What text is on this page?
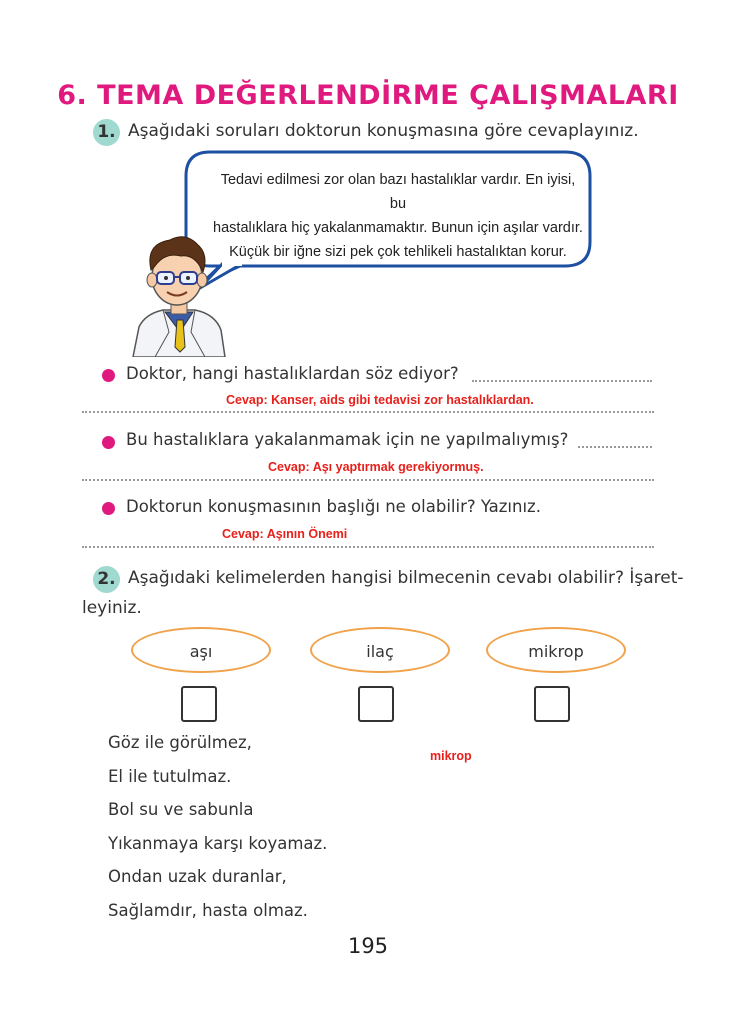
6. TEMA DEĞERLENDİRME ÇALIŞMALARI
1. Aşağıdaki soruları doktorun konuşmasına göre cevaplayınız.
Tedavi edilmesi zor olan bazı hastalıklar vardır. En iyisi, bu
hastalıklara hiç yakalanmamaktır. Bunun için aşılar vardır.
Küçük bir iğne sizi pek çok tehlikeli hastalıktan korur.
Doktor, hangi hastalıklardan söz ediyor?
Cevap: Kanser, aids gibi tedavisi zor hastalıklardan.
Bu hastalıklara yakalanmamak için ne yapılmalıymış?
Cevap: Aşı yaptırmak gerekiyormuş.
Doktorun konuşmasının başlığı ne olabilir? Yazınız.
Cevap: Aşının Önemi
2. Aşağıdaki kelimelerden hangisi bilmecenin cevabı olabilir? İşaret-
leyiniz.
aşı	ilaç	mikrop
mikrop
Göz ile görülmez,
El ile tutulmaz.
Bol su ve sabunla
Yıkanmaya karşı koyamaz.
Ondan uzak duranlar,
Sağlamdır, hasta olmaz.
195
